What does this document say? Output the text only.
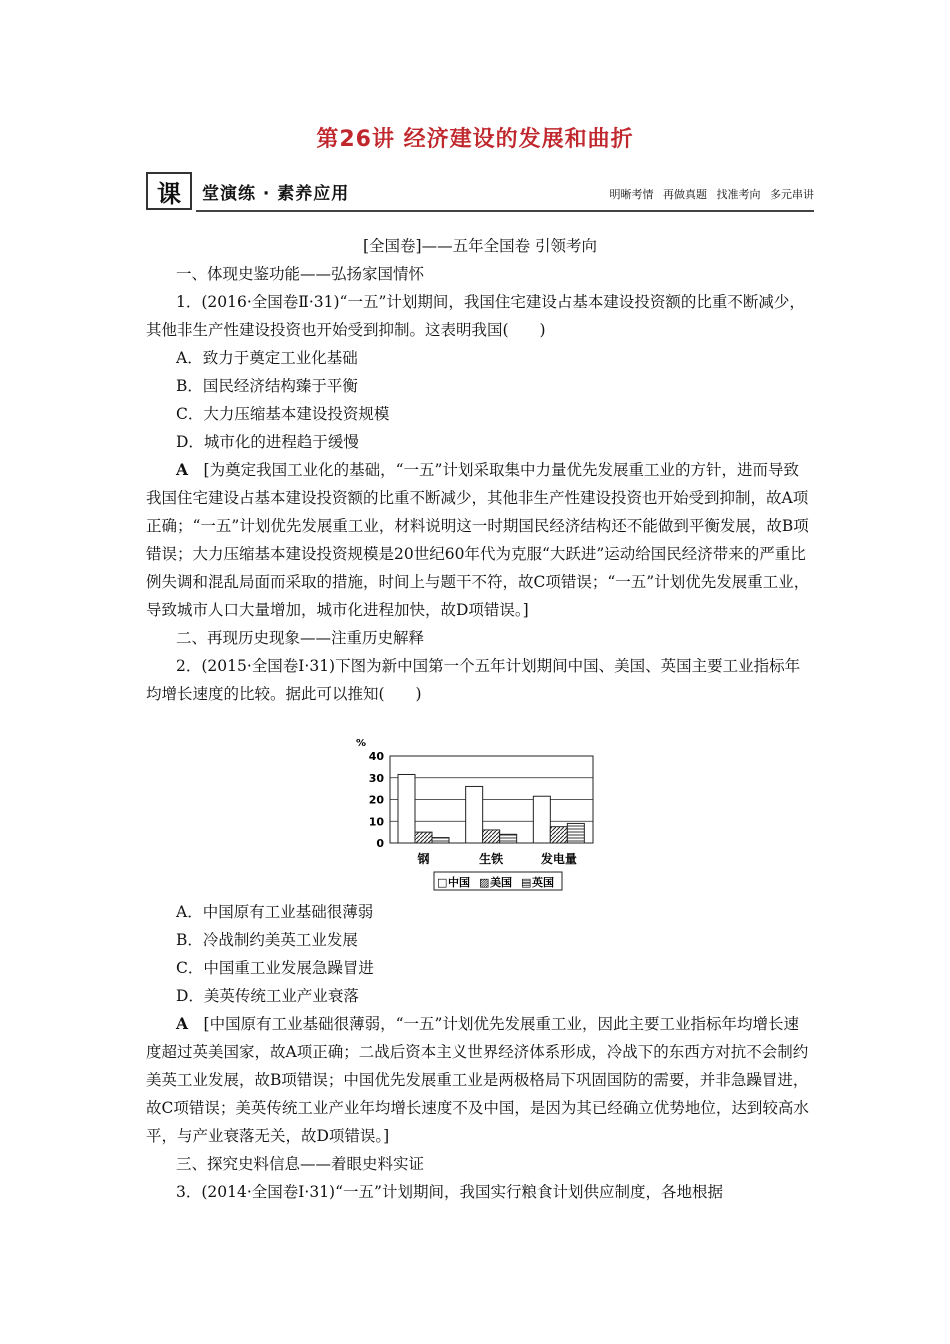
第26讲 经济建设的发展和曲折
课	堂演练 · 素养应用	明晰考情 再做真题 找准考向 多元串讲

[全国卷]——五年全国卷 引领考向

一、体现史鉴功能——弘扬家国情怀

1．(2016·全国卷Ⅱ·31)“一五”计划期间，我国住宅建设占基本建设投资额的比重不断减少，其他非生产性建设投资也开始受到抑制。这表明我国(　　)

A．致力于奠定工业化基础

B．国民经济结构臻于平衡

C．大力压缩基本建设投资规模

D．城市化的进程趋于缓慢

A　 [为奠定我国工业化的基础，“一五”计划采取集中力量优先发展重工业的方针，进而导致我国住宅建设占基本建设投资额的比重不断减少，其他非生产性建设投资也开始受到抑制，故A项正确；“一五”计划优先发展重工业，材料说明这一时期国民经济结构还不能做到平衡发展，故B项错误；大力压缩基本建设投资规模是20世纪60年代为克服“大跃进”运动给国民经济带来的严重比例失调和混乱局面而采取的措施，时间上与题干不符，故C项错误；“一五”计划优先发展重工业，导致城市人口大量增加，城市化进程加快，故D项错误。]

二、再现历史现象——注重历史解释

2．(2015·全国卷Ⅰ·31)下图为新中国第一个五年计划期间中国、美国、英国主要工业指标年均增长速度的比较。据此可以推知(　　)

%
0
10
20
30
40
钢	生铁	发电量
□ 中国 ▨ 美国 ▤ 英国

A．中国原有工业基础很薄弱

B．冷战制约美英工业发展

C．中国重工业发展急躁冒进

D．美英传统工业产业衰落

A　 [中国原有工业基础很薄弱，“一五”计划优先发展重工业，因此主要工业指标年均增长速度超过英美国家，故A项正确；二战后资本主义世界经济体系形成，冷战下的东西方对抗不会制约美英工业发展，故B项错误；中国优先发展重工业是两极格局下巩固国防的需要，并非急躁冒进，故C项错误；美英传统工业产业年均增长速度不及中国，是因为其已经确立优势地位，达到较高水平，与产业衰落无关，故D项错误。]

三、探究史料信息——着眼史料实证

3．(2014·全国卷Ⅰ·31)“一五”计划期间，我国实行粮食计划供应制度，各地根据
